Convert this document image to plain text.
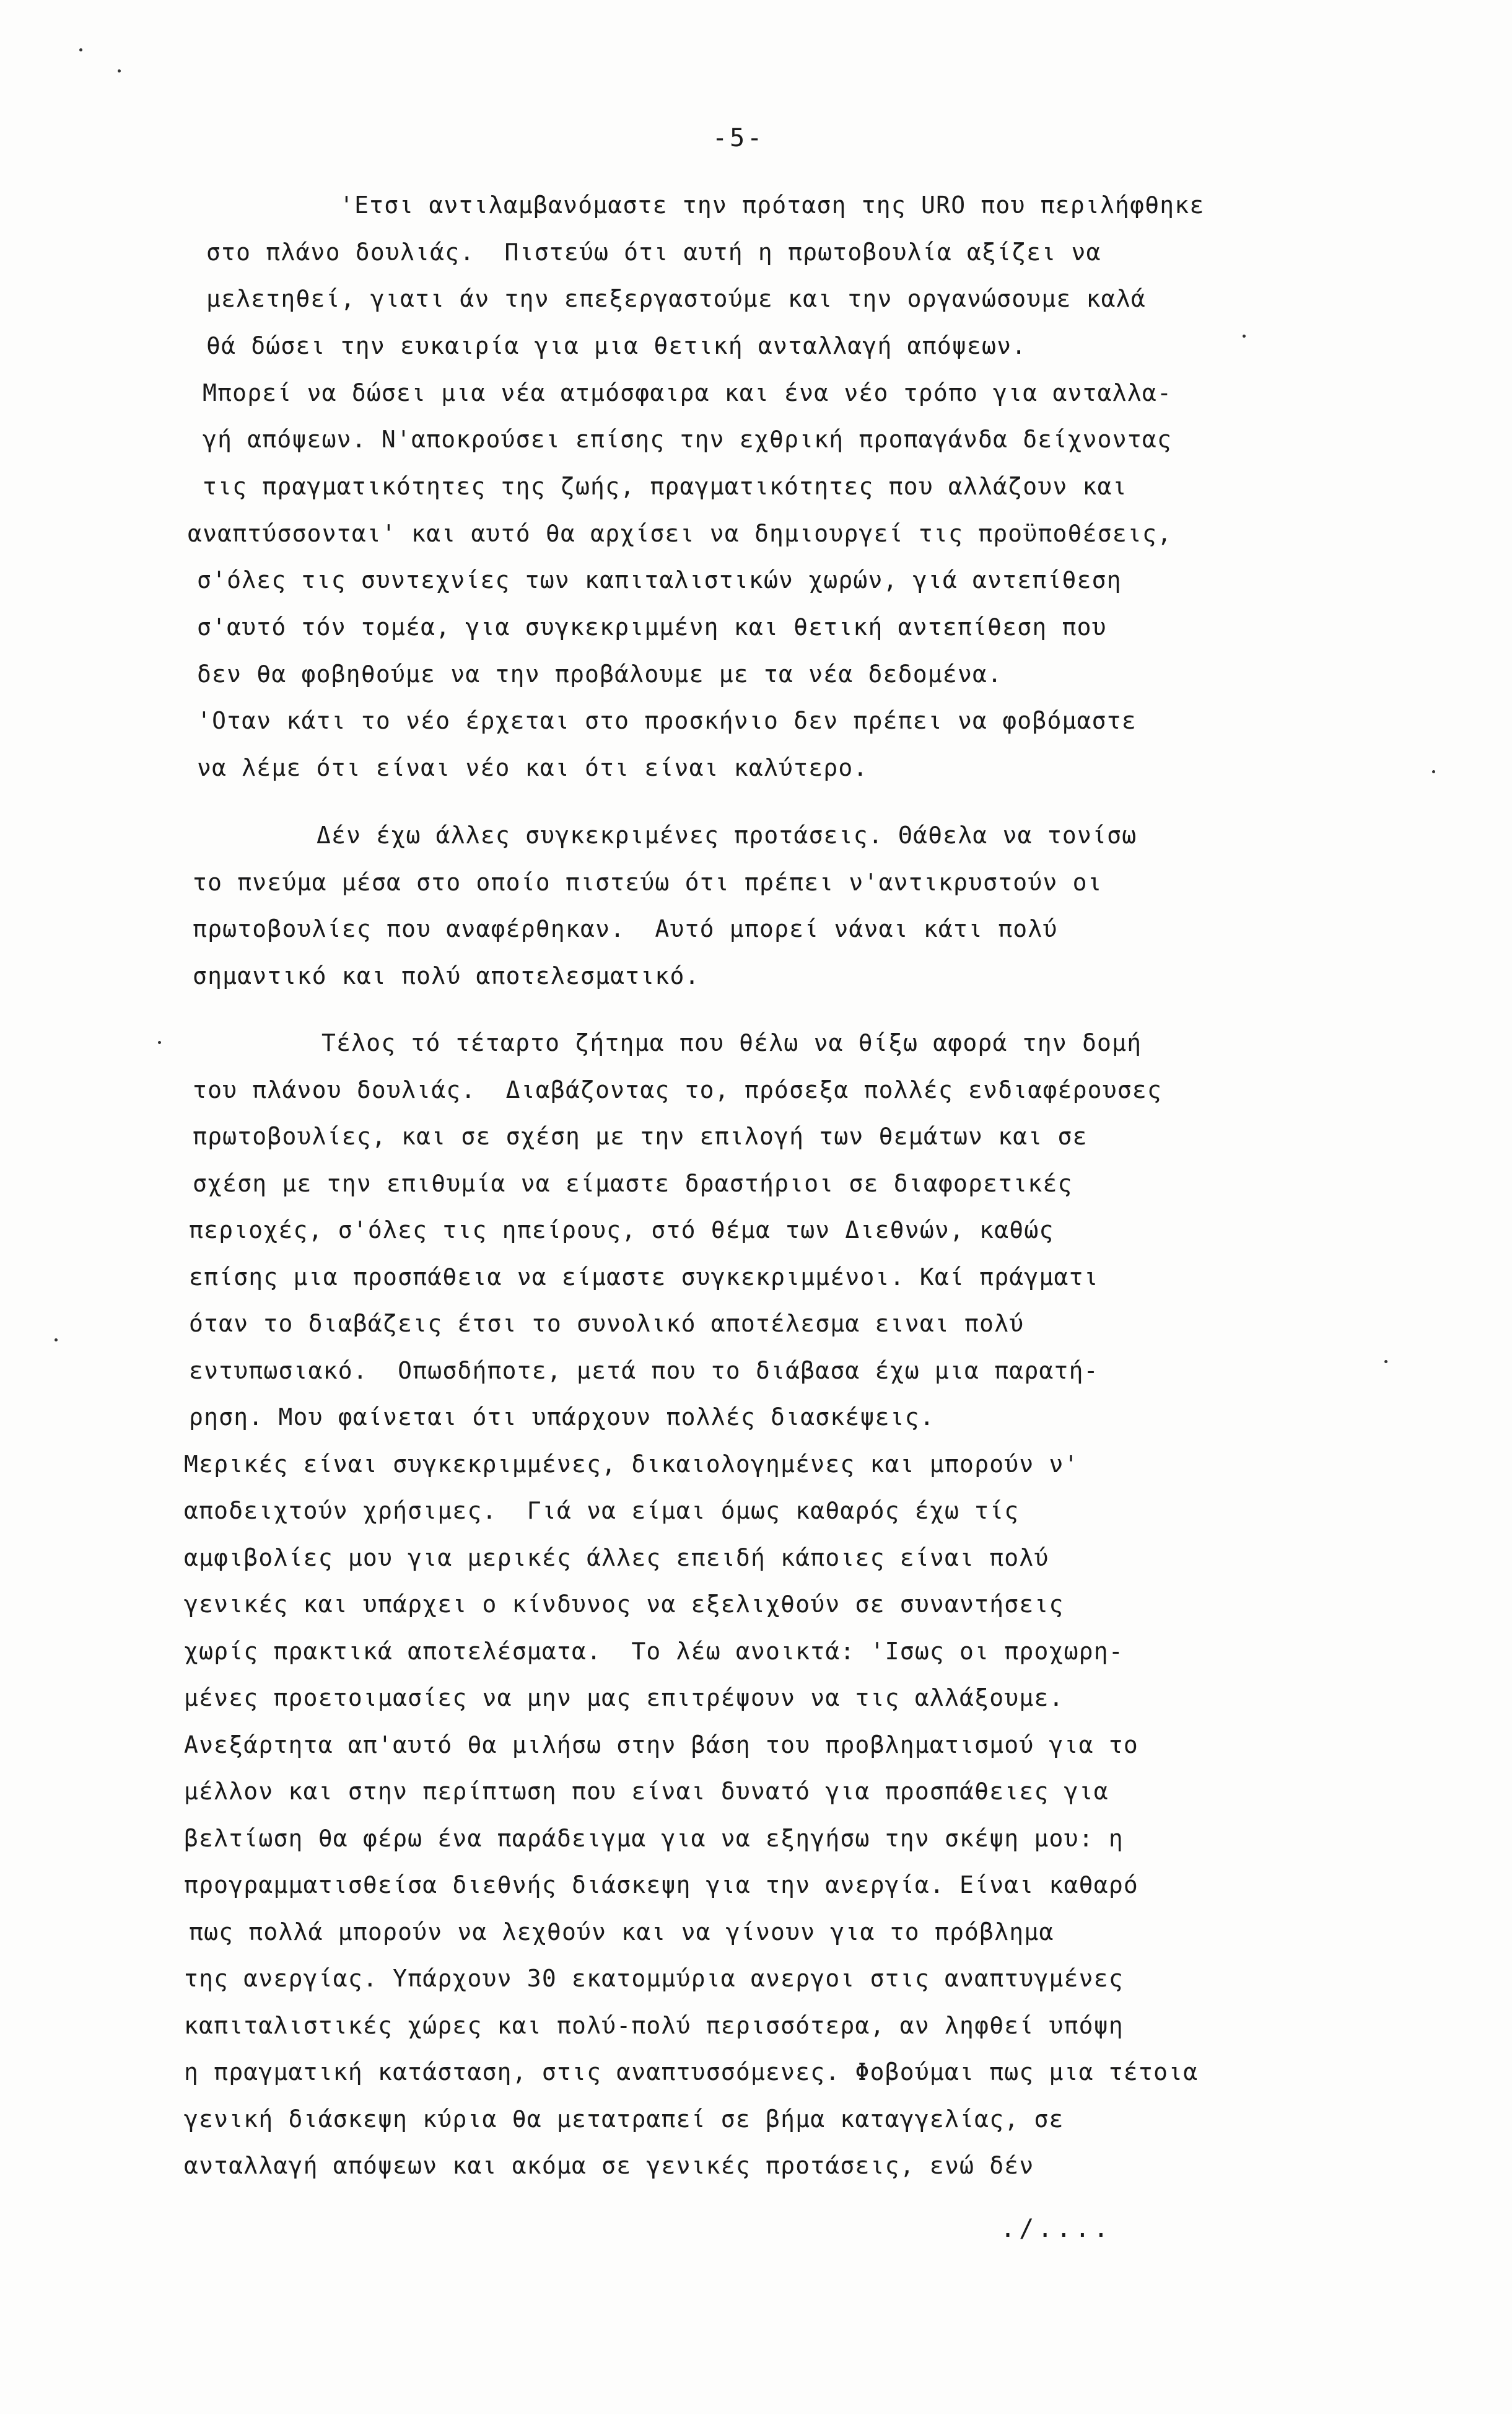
-5-
'Ετσι αντιλαμβανόμαστε την πρόταση της URO που περιλήφθηκε
στο πλάνο δουλιάς.  Πιστεύω ότι αυτή η πρωτοβουλία αξίζει να
μελετηθεί, γιατι άν την επεξεργαστούμε και την οργανώσουμε καλά
θά δώσει την ευκαιρία για μια θετική ανταλλαγή απόψεων.
Μπορεί να δώσει μια νέα ατμόσφαιρα και ένα νέο τρόπο για ανταλλα-
γή απόψεων. Ν'αποκρούσει επίσης την εχθρική προπαγάνδα δείχνοντας
τις πραγματικότητες της ζωής, πραγματικότητες που αλλάζουν και
αναπτύσσονται' και αυτό θα αρχίσει να δημιουργεί τις προϋποθέσεις,
σ'όλες τις συντεχνίες των καπιταλιστικών χωρών, γιά αντεπίθεση
σ'αυτό τόν τομέα, για συγκεκριμμένη και θετική αντεπίθεση που
δεν θα φοβηθούμε να την προβάλουμε με τα νέα δεδομένα.
'Οταν κάτι το νέο έρχεται στο προσκήνιο δεν πρέπει να φοβόμαστε
να λέμε ότι είναι νέο και ότι είναι καλύτερο.
Δέν έχω άλλες συγκεκριμένες προτάσεις. Θάθελα να τονίσω
το πνεύμα μέσα στο οποίο πιστεύω ότι πρέπει ν'αντικρυστούν οι
πρωτοβουλίες που αναφέρθηκαν.  Αυτό μπορεί νάναι κάτι πολύ
σημαντικό και πολύ αποτελεσματικό.
Τέλος τό τέταρτο ζήτημα που θέλω να θίξω αφορά την δομή
του πλάνου δουλιάς.  Διαβάζοντας το, πρόσεξα πολλές ενδιαφέρουσες
πρωτοβουλίες, και σε σχέση με την επιλογή των θεμάτων και σε
σχέση με την επιθυμία να είμαστε δραστήριοι σε διαφορετικές
περιοχές, σ'όλες τις ηπείρους, στό θέμα των Διεθνών, καθώς
επίσης μια προσπάθεια να είμαστε συγκεκριμμένοι. Καί πράγματι
όταν το διαβάζεις έτσι το συνολικό αποτέλεσμα ειναι πολύ
εντυπωσιακό.  Οπωσδήποτε, μετά που το διάβασα έχω μια παρατή-
ρηση. Μου φαίνεται ότι υπάρχουν πολλές διασκέψεις.
Μερικές είναι συγκεκριμμένες, δικαιολογημένες και μπορούν ν'
αποδειχτούν χρήσιμες.  Γιά να είμαι όμως καθαρός έχω τίς
αμφιβολίες μου για μερικές άλλες επειδή κάποιες είναι πολύ
γενικές και υπάρχει ο κίνδυνος να εξελιχθούν σε συναντήσεις
χωρίς πρακτικά αποτελέσματα.  Το λέω ανοικτά: 'Ισως οι προχωρη-
μένες προετοιμασίες να μην μας επιτρέψουν να τις αλλάξουμε.
Ανεξάρτητα απ'αυτό θα μιλήσω στην βάση του προβληματισμού για το
μέλλον και στην περίπτωση που είναι δυνατό για προσπάθειες για
βελτίωση θα φέρω ένα παράδειγμα για να εξηγήσω την σκέψη μου: η
προγραμματισθείσα διεθνής διάσκεψη για την ανεργία. Είναι καθαρό
πως πολλά μπορούν να λεχθούν και να γίνουν για το πρόβλημα
της ανεργίας. Υπάρχουν 30 εκατομμύρια ανεργοι στις αναπτυγμένες
καπιταλιστικές χώρες και πολύ-πολύ περισσότερα, αν ληφθεί υπόψη
η πραγματική κατάσταση, στις αναπτυσσόμενες. Φοβούμαι πως μια τέτοια
γενική διάσκεψη κύρια θα μετατραπεί σε βήμα καταγγελίας, σε
ανταλλαγή απόψεων και ακόμα σε γενικές προτάσεις, ενώ δέν
./....
